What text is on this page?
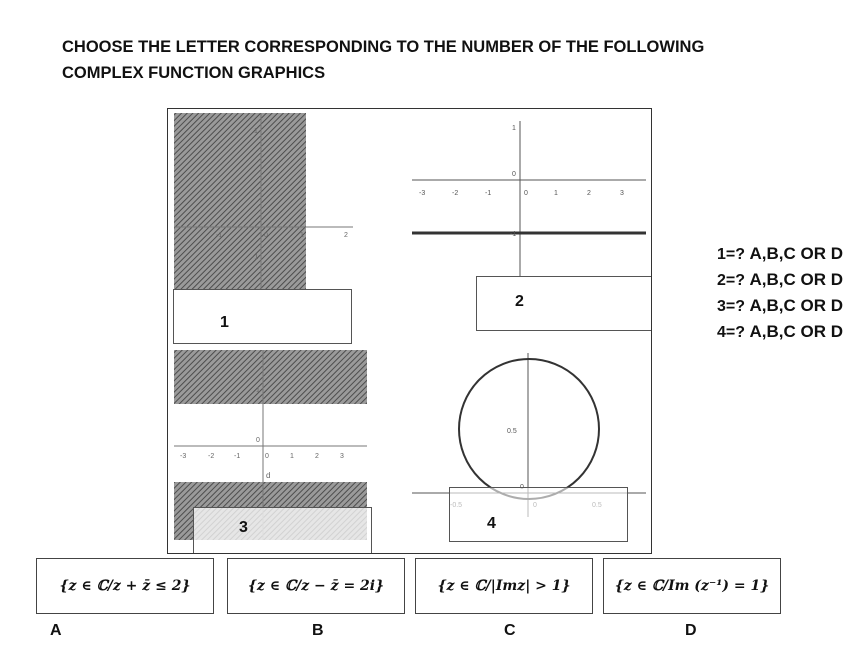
CHOOSE THE LETTER CORRESPONDING TO THE NUMBER OF THE FOLLOWING
COMPLEX FUNCTION GRAPHICS
-1	0	1	2
1
-1
-3	-2	-1	0	1	2	3
1
0
-1
-3	-2	-1	0	1	2	3
1
0
d
0.5
1
2
3	4
1=? A,B,C OR D
2=? A,B,C OR D
3=? A,B,C OR D
4=? A,B,C OR D
{z ∈ ℂ/z + z̄ ≤ 2}	{z ∈ ℂ/z − z̄ = 2i}	{z ∈ ℂ/|Imz| > 1}	{z ∈ ℂ/Im (z⁻¹) = 1}
A	B	C	D
